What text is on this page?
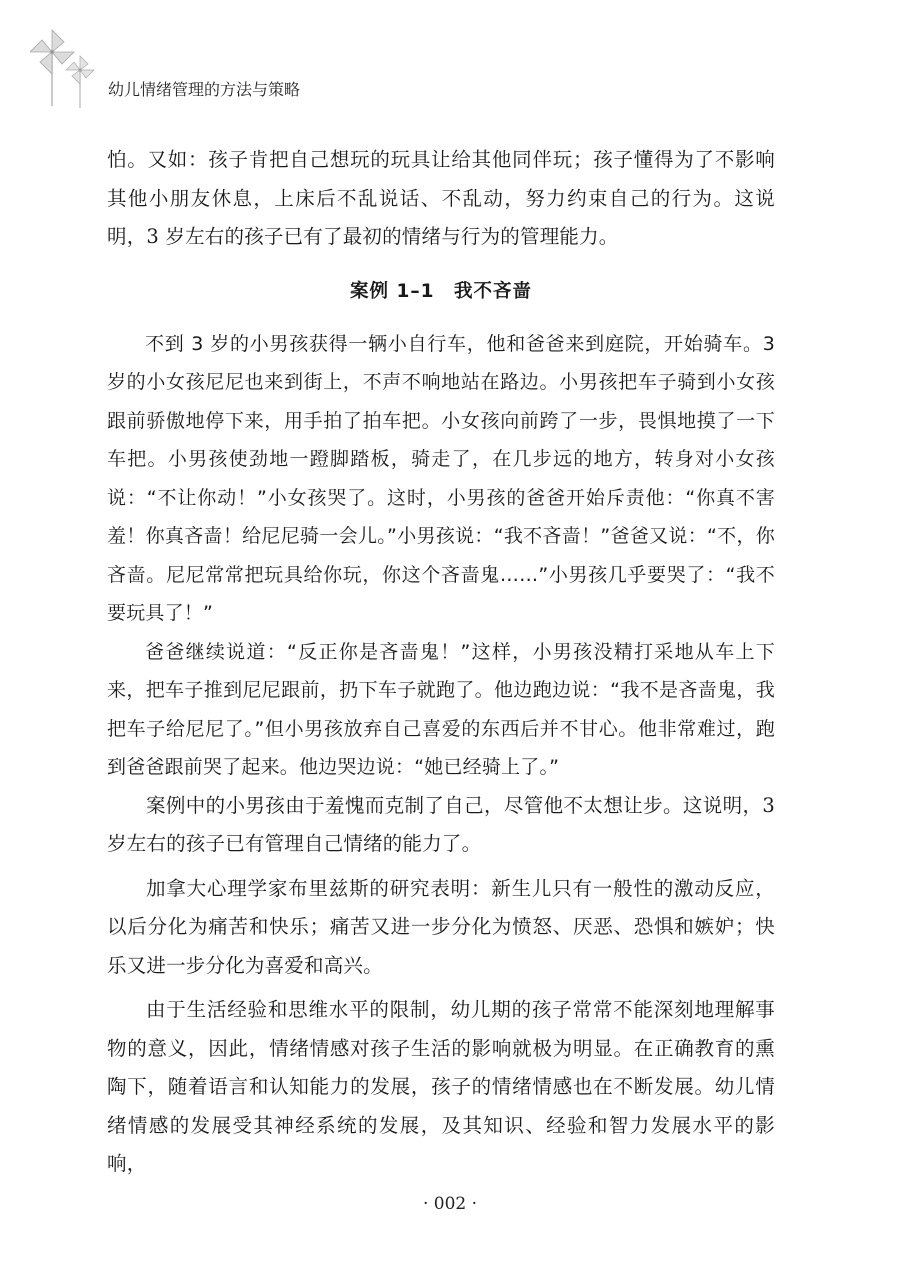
幼儿情绪管理的方法与策略

怕。又如：孩子肯把自己想玩的玩具让给其他同伴玩；孩子懂得为了不影响其他小朋友休息，上床后不乱说话、不乱动，努力约束自己的行为。这说明，3 岁左右的孩子已有了最初的情绪与行为的管理能力。

案例 1–1　我不吝啬

不到 3 岁的小男孩获得一辆小自行车，他和爸爸来到庭院，开始骑车。3 岁的小女孩尼尼也来到街上，不声不响地站在路边。小男孩把车子骑到小女孩跟前骄傲地停下来，用手拍了拍车把。小女孩向前跨了一步，畏惧地摸了一下车把。小男孩使劲地一蹬脚踏板，骑走了，在几步远的地方，转身对小女孩说：“不让你动！”小女孩哭了。这时，小男孩的爸爸开始斥责他：“你真不害羞！你真吝啬！给尼尼骑一会儿。”小男孩说：“我不吝啬！”爸爸又说：“不，你吝啬。尼尼常常把玩具给你玩，你这个吝啬鬼……”小男孩几乎要哭了：“我不要玩具了！”

爸爸继续说道：“反正你是吝啬鬼！”这样，小男孩没精打采地从车上下来，把车子推到尼尼跟前，扔下车子就跑了。他边跑边说：“我不是吝啬鬼，我把车子给尼尼了。”但小男孩放弃自己喜爱的东西后并不甘心。他非常难过，跑到爸爸跟前哭了起来。他边哭边说：“她已经骑上了。”

案例中的小男孩由于羞愧而克制了自己，尽管他不太想让步。这说明，3 岁左右的孩子已有管理自己情绪的能力了。

加拿大心理学家布里兹斯的研究表明：新生儿只有一般性的激动反应，以后分化为痛苦和快乐；痛苦又进一步分化为愤怒、厌恶、恐惧和嫉妒；快乐又进一步分化为喜爱和高兴。

由于生活经验和思维水平的限制，幼儿期的孩子常常不能深刻地理解事物的意义，因此，情绪情感对孩子生活的影响就极为明显。在正确教育的熏陶下，随着语言和认知能力的发展，孩子的情绪情感也在不断发展。幼儿情绪情感的发展受其神经系统的发展，及其知识、经验和智力发展水平的影响，

· 002 ·
